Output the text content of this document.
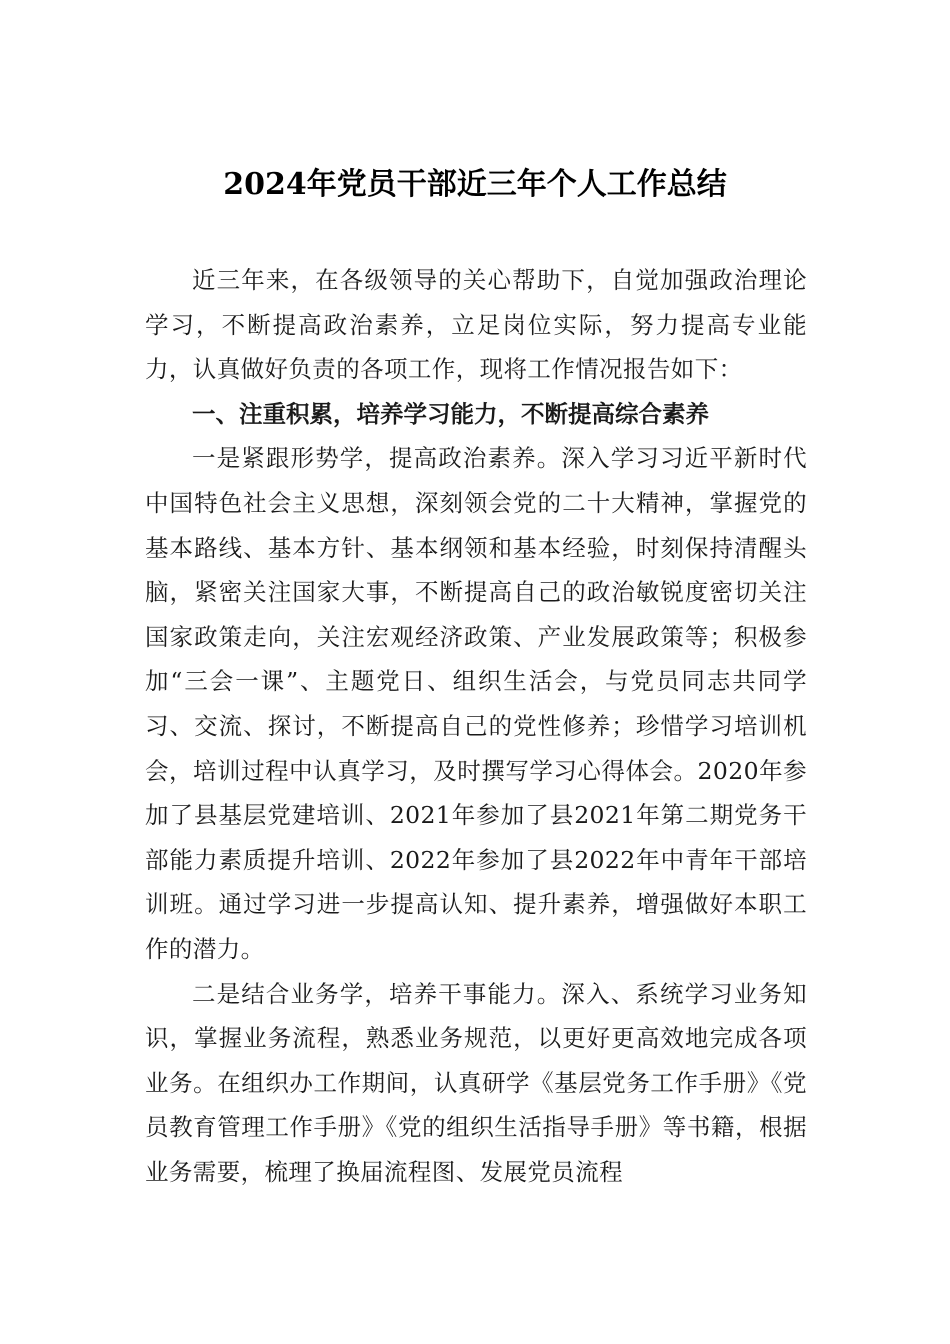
2024年党员干部近三年个人工作总结

近三年来，在各级领导的关心帮助下，自觉加强政治理论学习，不断提高政治素养，立足岗位实际，努力提高专业能力，认真做好负责的各项工作，现将工作情况报告如下：

一、注重积累，培养学习能力，不断提高综合素养

一是紧跟形势学，提高政治素养。深入学习习近平新时代中国特色社会主义思想，深刻领会党的二十大精神，掌握党的基本路线、基本方针、基本纲领和基本经验，时刻保持清醒头脑，紧密关注国家大事，不断提高自己的政治敏锐度密切关注国家政策走向，关注宏观经济政策、产业发展政策等；积极参加“三会一课”、主题党日、组织生活会，与党员同志共同学习、交流、探讨，不断提高自己的党性修养；珍惜学习培训机会，培训过程中认真学习，及时撰写学习心得体会。2020年参加了县基层党建培训、2021年参加了县2021年第二期党务干部能力素质提升培训、2022年参加了县2022年中青年干部培训班。通过学习进一步提高认知、提升素养，增强做好本职工作的潜力。

二是结合业务学，培养干事能力。深入、系统学习业务知识，掌握业务流程，熟悉业务规范，以更好更高效地完成各项业务。在组织办工作期间，认真研学《基层党务工作手册》《党员教育管理工作手册》《党的组织生活指导手册》等书籍，根据业务需要，梳理了换届流程图、发展党员流程
